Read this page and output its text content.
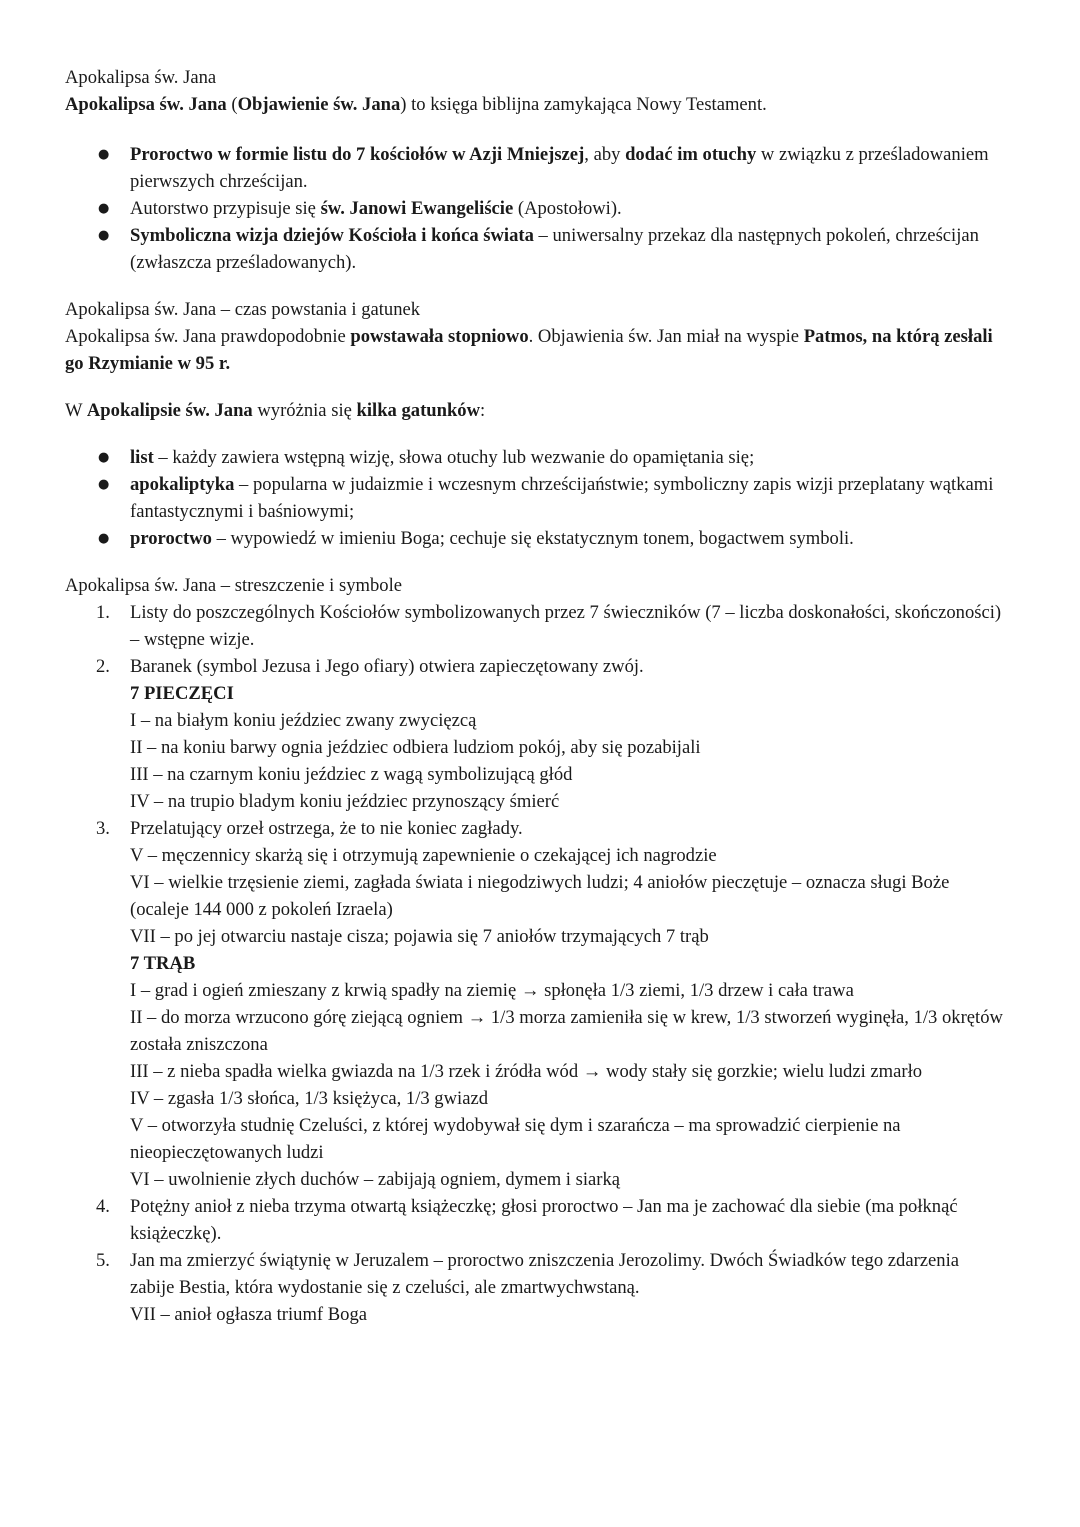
Apokalipsa św. Jana

Apokalipsa św. Jana (Objawienie św. Jana) to księga biblijna zamykająca Nowy Testament.

● Proroctwo w formie listu do 7 kościołów w Azji Mniejszej, aby dodać im otuchy w związku z prześladowaniem pierwszych chrześcijan.
● Autorstwo przypisuje się św. Janowi Ewangeliście (Apostołowi).
● Symboliczna wizja dziejów Kościoła i końca świata – uniwersalny przekaz dla następnych pokoleń, chrześcijan (zwłaszcza prześladowanych).

Apokalipsa św. Jana – czas powstania i gatunek

Apokalipsa św. Jana prawdopodobnie powstawała stopniowo. Objawienia św. Jan miał na wyspie Patmos, na którą zesłali go Rzymianie w 95 r.

W Apokalipsie św. Jana wyróżnia się kilka gatunków:

● list – każdy zawiera wstępną wizję, słowa otuchy lub wezwanie do opamiętania się;
● apokaliptyka – popularna w judaizmie i wczesnym chrześcijaństwie; symboliczny zapis wizji przeplatany wątkami fantastycznymi i baśniowymi;
● proroctwo – wypowiedź w imieniu Boga; cechuje się ekstatycznym tonem, bogactwem symboli.

Apokalipsa św. Jana – streszczenie i symbole

1. Listy do poszczególnych Kościołów symbolizowanych przez 7 świeczników (7 – liczba doskonałości, skończoności) – wstępne wizje.
2. Baranek (symbol Jezusa i Jego ofiary) otwiera zapieczętowany zwój.
7 PIECZĘCI
I – na białym koniu jeździec zwany zwycięzcą
II – na koniu barwy ognia jeździec odbiera ludziom pokój, aby się pozabijali
III – na czarnym koniu jeździec z wagą symbolizującą głód
IV – na trupio bladym koniu jeździec przynoszący śmierć
3. Przelatujący orzeł ostrzega, że to nie koniec zagłady.
V – męczennicy skarżą się i otrzymują zapewnienie o czekającej ich nagrodzie
VI – wielkie trzęsienie ziemi, zagłada świata i niegodziwych ludzi; 4 aniołów pieczętuje – oznacza sługi Boże (ocaleje 144 000 z pokoleń Izraela)
VII – po jej otwarciu nastaje cisza; pojawia się 7 aniołów trzymających 7 trąb
7 TRĄB
I – grad i ogień zmieszany z krwią spadły na ziemię → spłonęła 1/3 ziemi, 1/3 drzew i cała trawa
II – do morza wrzucono górę ziejącą ogniem → 1/3 morza zamieniła się w krew, 1/3 stworzeń wyginęła, 1/3 okrętów została zniszczona
III – z nieba spadła wielka gwiazda na 1/3 rzek i źródła wód → wody stały się gorzkie; wielu ludzi zmarło
IV – zgasła 1/3 słońca, 1/3 księżyca, 1/3 gwiazd
V – otworzyła studnię Czeluści, z której wydobywał się dym i szarańcza – ma sprowadzić cierpienie na nieopieczętowanych ludzi
VI – uwolnienie złych duchów – zabijają ogniem, dymem i siarką
4. Potężny anioł z nieba trzyma otwartą książeczkę; głosi proroctwo – Jan ma je zachować dla siebie (ma połknąć książeczkę).
5. Jan ma zmierzyć świątynię w Jeruzalem – proroctwo zniszczenia Jerozolimy. Dwóch Świadków tego zdarzenia zabije Bestia, która wydostanie się z czeluści, ale zmartwychwstaną.
VII – anioł ogłasza triumf Boga
